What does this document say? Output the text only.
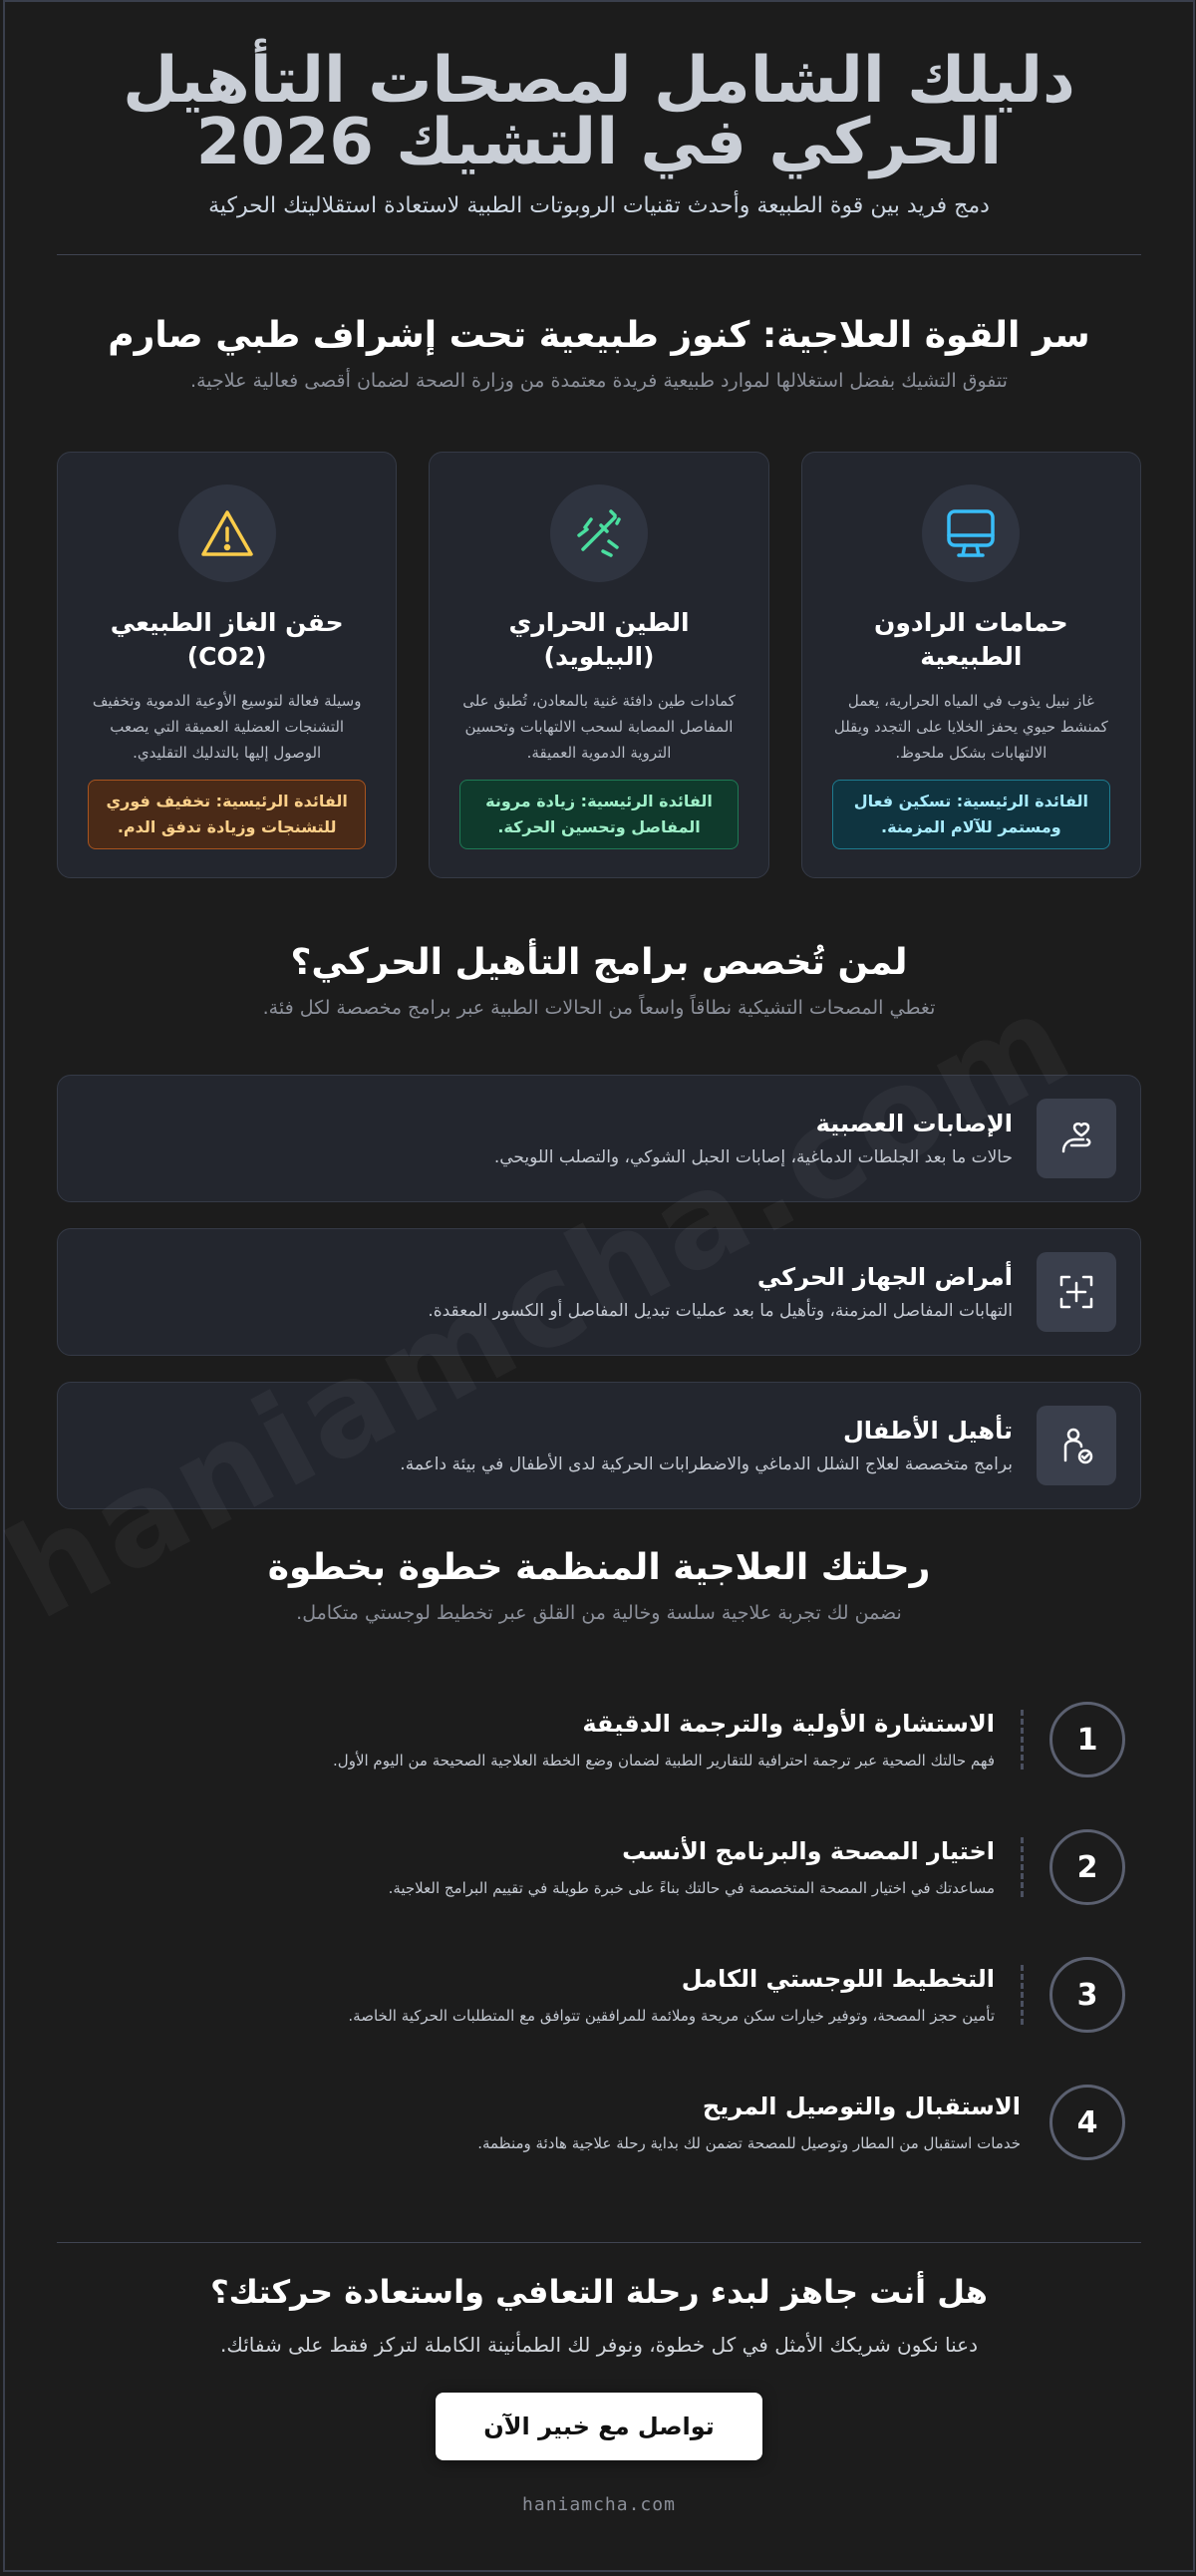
دليلك الشامل لمصحات التأهيل
الحركي في التشيك 2026
دمج فريد بين قوة الطبيعة وأحدث تقنيات الروبوتات الطبية لاستعادة استقلاليتك الحركية
سر القوة العلاجية: كنوز طبيعية تحت إشراف طبي صارم
تتفوق التشيك بفضل استغلالها لموارد طبيعية فريدة معتمدة من وزارة الصحة لضمان أقصى فعالية علاجية.
حمامات الرادون الطبيعية
غاز نبيل يذوب في المياه الحرارية، يعمل كمنشط حيوي يحفز الخلايا على التجدد ويقلل الالتهابات بشكل ملحوظ.
الفائدة الرئيسية: تسكين فعال ومستمر للآلام المزمنة.
الطين الحراري (البيلويد)
كمادات طين دافئة غنية بالمعادن، تُطبق على المفاصل المصابة لسحب الالتهابات وتحسين التروية الدموية العميقة.
الفائدة الرئيسية: زيادة مرونة المفاصل وتحسين الحركة.
حقن الغاز الطبيعي (CO2)
وسيلة فعالة لتوسيع الأوعية الدموية وتخفيف التشنجات العضلية العميقة التي يصعب الوصول إليها بالتدليك التقليدي.
الفائدة الرئيسية: تخفيف فوري للتشنجات وزيادة تدفق الدم.
لمن تُخصص برامج التأهيل الحركي؟
تغطي المصحات التشيكية نطاقاً واسعاً من الحالات الطبية عبر برامج مخصصة لكل فئة.
الإصابات العصبية
حالات ما بعد الجلطات الدماغية، إصابات الحبل الشوكي، والتصلب اللويحي.
أمراض الجهاز الحركي
التهابات المفاصل المزمنة، وتأهيل ما بعد عمليات تبديل المفاصل أو الكسور المعقدة.
تأهيل الأطفال
برامج متخصصة لعلاج الشلل الدماغي والاضطرابات الحركية لدى الأطفال في بيئة داعمة.
رحلتك العلاجية المنظمة خطوة بخطوة
نضمن لك تجربة علاجية سلسة وخالية من القلق عبر تخطيط لوجستي متكامل.
1
الاستشارة الأولية والترجمة الدقيقة
فهم حالتك الصحية عبر ترجمة احترافية للتقارير الطبية لضمان وضع الخطة العلاجية الصحيحة من اليوم الأول.
2
اختيار المصحة والبرنامج الأنسب
مساعدتك في اختيار المصحة المتخصصة في حالتك بناءً على خبرة طويلة في تقييم البرامج العلاجية.
3
التخطيط اللوجستي الكامل
تأمين حجز المصحة، وتوفير خيارات سكن مريحة وملائمة للمرافقين تتوافق مع المتطلبات الحركية الخاصة.
4
الاستقبال والتوصيل المريح
خدمات استقبال من المطار وتوصيل للمصحة تضمن لك بداية رحلة علاجية هادئة ومنظمة.
هل أنت جاهز لبدء رحلة التعافي واستعادة حركتك؟
دعنا نكون شريكك الأمثل في كل خطوة، ونوفر لك الطمأنينة الكاملة لتركز فقط على شفائك.
تواصل مع خبير الآن
haniamcha.com
